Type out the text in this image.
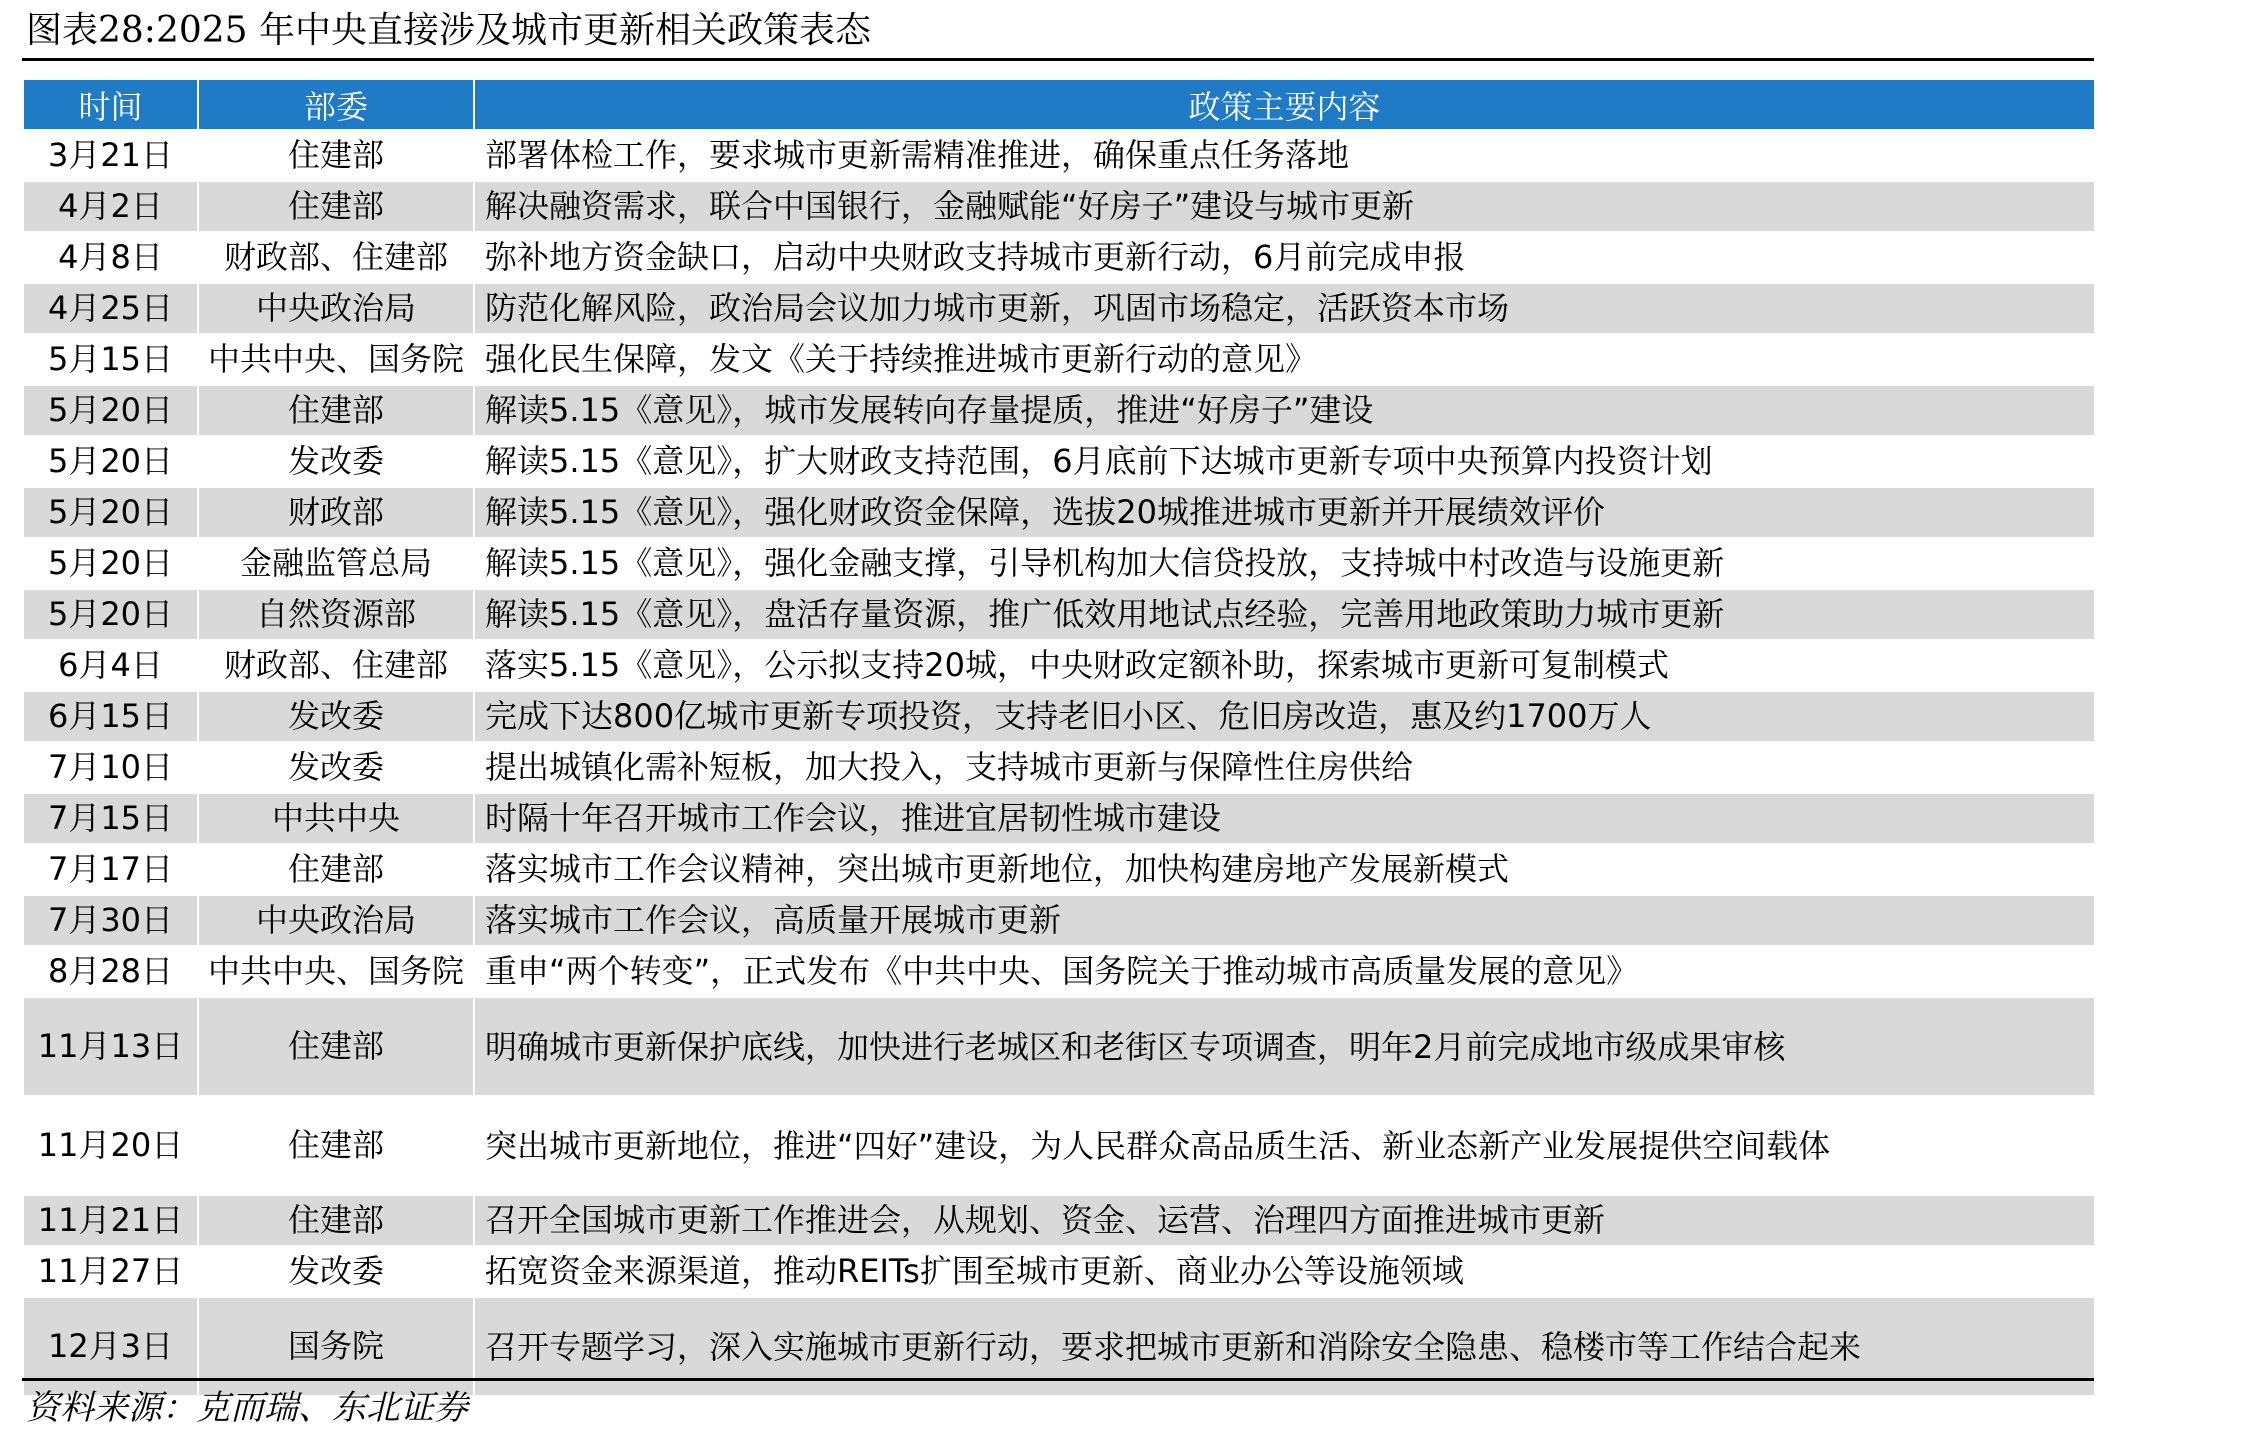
图表28:2025 年中央直接涉及城市更新相关政策表态
时间	部委	政策主要内容
3月21日	住建部	部署体检工作，要求城市更新需精准推进，确保重点任务落地
4月2日	住建部	解决融资需求，联合中国银行，金融赋能“好房子”建设与城市更新
4月8日	财政部、住建部	弥补地方资金缺口，启动中央财政支持城市更新行动，6月前完成申报
4月25日	中央政治局	防范化解风险，政治局会议加力城市更新，巩固市场稳定，活跃资本市场
5月15日	中共中央、国务院	强化民生保障，发文《关于持续推进城市更新行动的意见》
5月20日	住建部	解读5.15《意见》，城市发展转向存量提质，推进“好房子”建设
5月20日	发改委	解读5.15《意见》，扩大财政支持范围，6月底前下达城市更新专项中央预算内投资计划
5月20日	财政部	解读5.15《意见》，强化财政资金保障，选拔20城推进城市更新并开展绩效评价
5月20日	金融监管总局	解读5.15《意见》，强化金融支撑，引导机构加大信贷投放，支持城中村改造与设施更新
5月20日	自然资源部	解读5.15《意见》，盘活存量资源，推广低效用地试点经验，完善用地政策助力城市更新
6月4日	财政部、住建部	落实5.15《意见》，公示拟支持20城，中央财政定额补助，探索城市更新可复制模式
6月15日	发改委	完成下达800亿城市更新专项投资，支持老旧小区、危旧房改造，惠及约1700万人
7月10日	发改委	提出城镇化需补短板，加大投入，支持城市更新与保障性住房供给
7月15日	中共中央	时隔十年召开城市工作会议，推进宜居韧性城市建设
7月17日	住建部	落实城市工作会议精神，突出城市更新地位，加快构建房地产发展新模式
7月30日	中央政治局	落实城市工作会议，高质量开展城市更新
8月28日	中共中央、国务院	重申“两个转变”，正式发布《中共中央、国务院关于推动城市高质量发展的意见》
11月13日	住建部	明确城市更新保护底线，加快进行老城区和老街区专项调查，明年2月前完成地市级成果审核
11月20日	住建部	突出城市更新地位，推进“四好”建设，为人民群众高品质生活、新业态新产业发展提供空间载体
11月21日	住建部	召开全国城市更新工作推进会，从规划、资金、运营、治理四方面推进城市更新
11月27日	发改委	拓宽资金来源渠道，推动REITs扩围至城市更新、商业办公等设施领域
12月3日	国务院	召开专题学习，深入实施城市更新行动，要求把城市更新和消除安全隐患、稳楼市等工作结合起来
资料来源：克而瑞、东北证券
